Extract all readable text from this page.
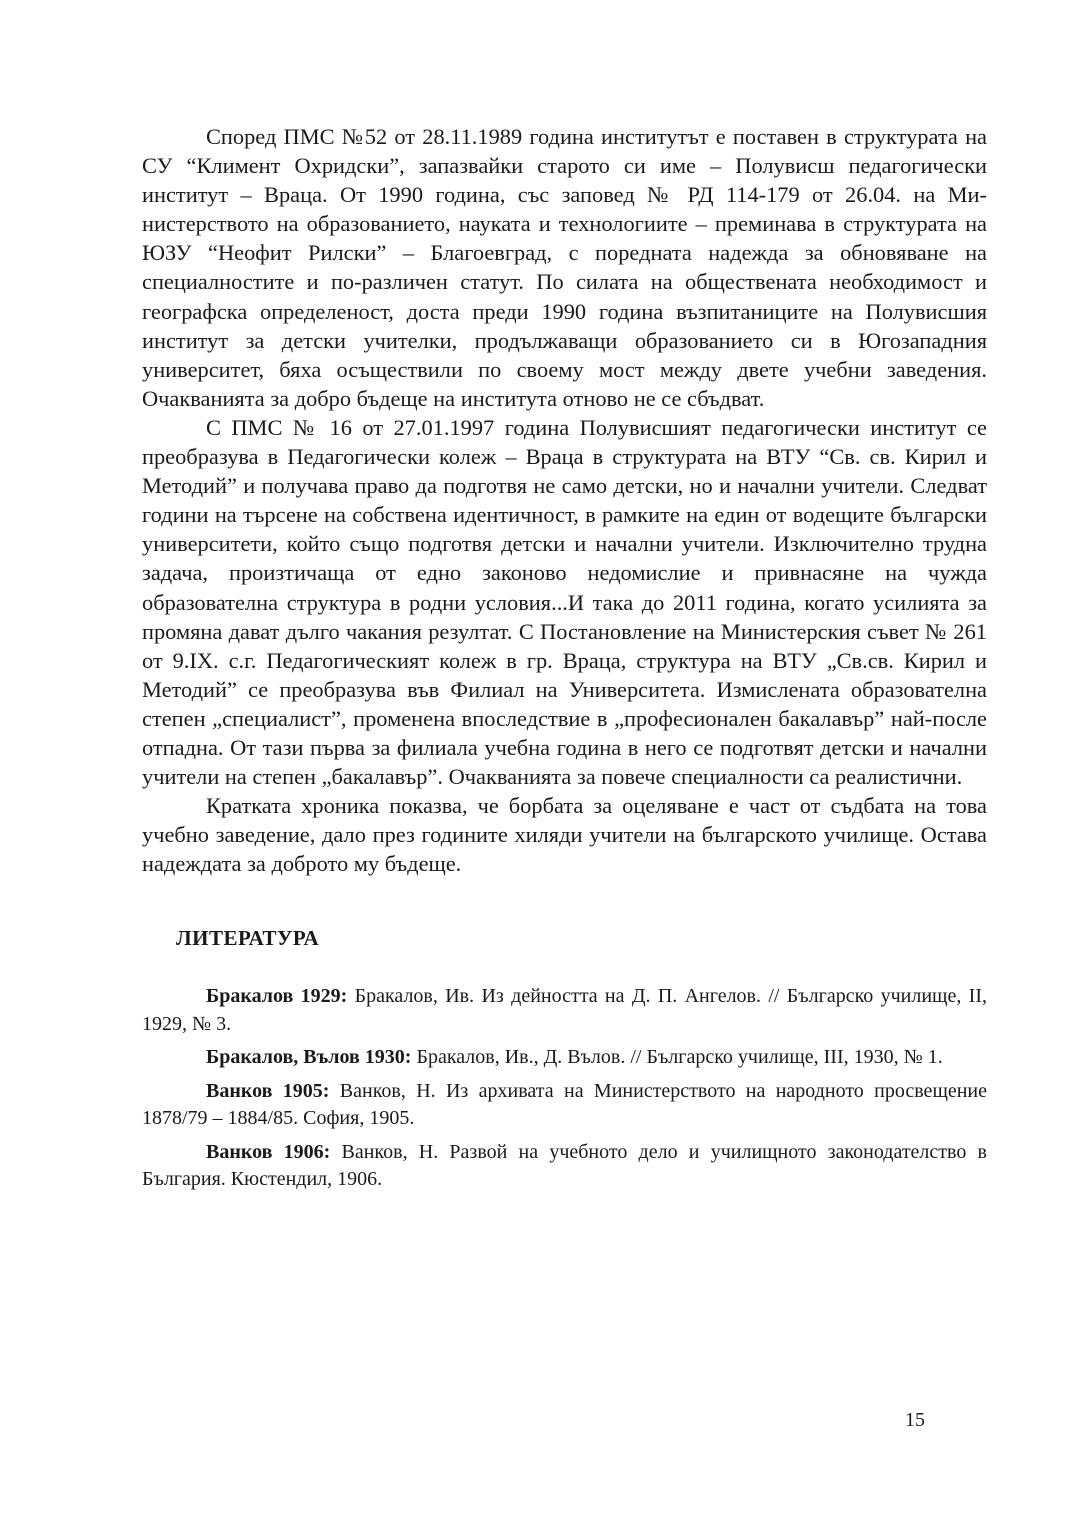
Според ПМС №52 от 28.11.1989 година институтът е поставен в структурата на СУ “Климент Охридски”, запазвайки старото си име – Полувисш педагогически институт – Враца. От 1990 година, със заповед № РД 114-179 от 26.04. на Министерството на образованието, науката и технологиите – преминава в структурата на ЮЗУ “Неофит Рилски” – Благоевград, с поредната надежда за обновяване на специалностите и по-различен статут. По силата на обществената необходимост и географска определеност, доста преди 1990 година възпитаниците на Полувисшия институт за детски учителки, продължаващи образованието си в Югозападния университет, бяха осъществили по своему мост между двете учебни заведения. Очакванията за добро бъдеще на института отново не се сбъдват.

С ПМС № 16 от 27.01.1997 година Полувисшият педагогически институт се преобразува в Педагогически колеж – Враца в структурата на ВТУ “Св. св. Кирил и Методий” и получава право да подготвя не само детски, но и начални учители. Следват години на търсене на собствена идентичност, в рамките на един от водещите български университети, който също подготвя детски и начални учители. Изключително трудна задача, произтичаща от едно законово недомислие и привнасяне на чужда образователна структура в родни условия...И така до 2011 година, когато усилията за промяна дават дълго чакания резултат. С Постановление на Министерския съвет № 261 от 9.IX. с.г. Педагогическият колеж в гр. Враца, структура на ВТУ „Св.св. Кирил и Методий” се преобразува във Филиал на Университета. Измислената образователна степен „специалист”, променена впоследствие в „професионален бакалавър” най-после отпадна. От тази първа за филиала учебна година в него се подготвят детски и начални учители на степен „бакалавър”. Очакванията за повече специалности са реалистични.

Кратката хроника показва, че борбата за оцеляване е част от съдбата на това учебно заведение, дало през годините хиляди учители на българското училище. Остава надеждата за доброто му бъдеще.

ЛИТЕРАТУРА

Бракалов 1929: Бракалов, Ив. Из дейността на Д. П. Ангелов. // Българско училище, II, 1929, № 3.

Бракалов, Вълов 1930: Бракалов, Ив., Д. Вълов. // Българско училище, III, 1930, № 1.

Ванков 1905: Ванков, Н. Из архивата на Министерството на народното просвещение 1878/79 – 1884/85. София, 1905.

Ванков 1906: Ванков, Н. Развой на учебното дело и училищното законодателство в България. Кюстендил, 1906.

15
